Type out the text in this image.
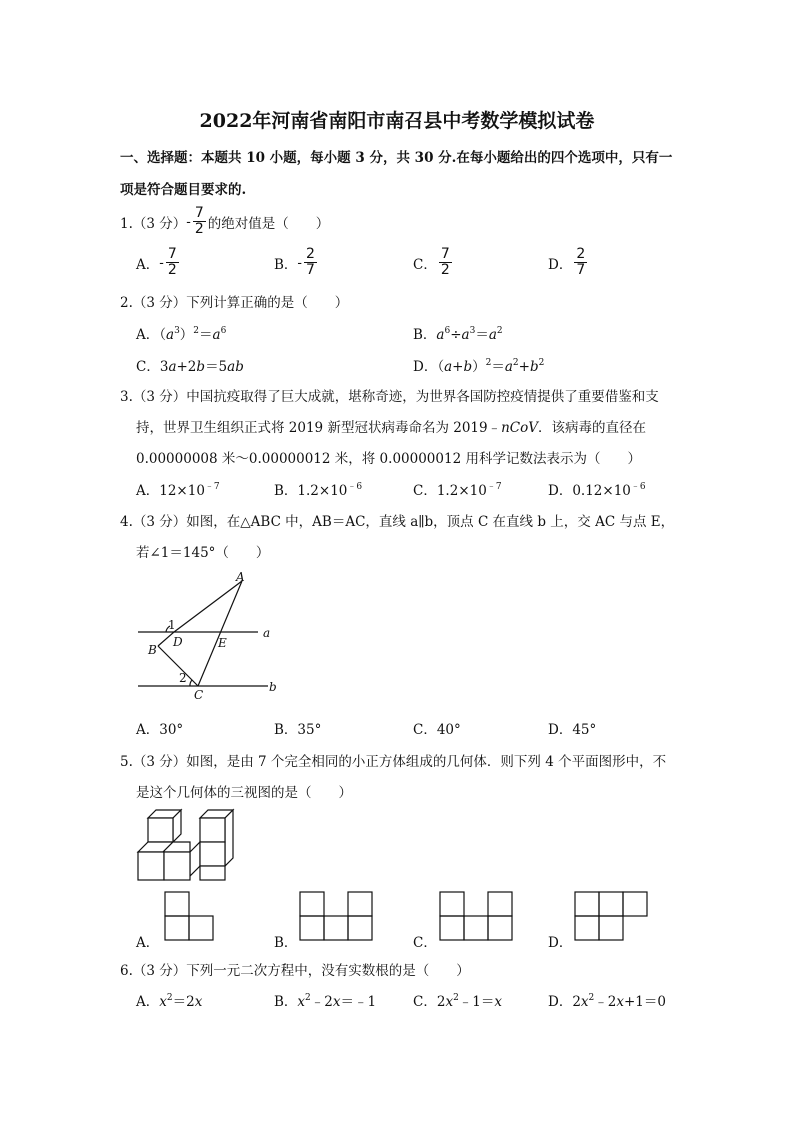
2022年河南省南阳市南召县中考数学模拟试卷
一、选择题：本题共 10 小题，每小题 3 分，共 30 分.在每小题给出的四个选项中，只有一
项是符合题目要求的.
1.（3 分） - $\frac{7}{2}$ 的绝对值是（　　）
A． - $\frac{7}{2}$	B． - $\frac{2}{7}$	C． $\frac{7}{2}$	D． $\frac{2}{7}$
2.（3 分）下列计算正确的是（　　）
A．$(a^3)^2=a^6$	B．$a^6\div a^3=a^2$
C．3a+2b＝5ab	D．$(a+b)^2=a^2+b^2$
3.（3 分）中国抗疫取得了巨大成就，堪称奇迹，为世界各国防控疫情提供了重要借鉴和支
持，世界卫生组织正式将 2019 新型冠状病毒命名为 2019﹣nCoV．该病毒的直径在
0.00000008 米～0.00000012 米，将 0.00000012 用科学记数法表示为（　　）
A．$12\times 10^{﹣7}$	B．$1.2\times 10^{﹣6}$	C．$1.2\times 10^{﹣7}$	D．$0.12\times 10^{﹣6}$
4.（3 分）如图，在△ABC 中，AB＝AC，直线 a∥b，顶点 C 在直线 b 上，交 AC 与点 E，
若∠1＝145°（　　）
A
1
D	E
a
B
2
C
b
A．30°	B．35°	C．40°	D．45°
5.（3 分）如图，是由 7 个完全相同的小正方体组成的几何体．则下列 4 个平面图形中，不
是这个几何体的三视图的是（　　）
A．	B．	C．	D．
6.（3 分）下列一元二次方程中，没有实数根的是（　　）
A．$x^2=2x$	B．$x^2﹣2x=﹣1$	C．$2x^2﹣1=x$	D．$2x^2﹣2x+1=0$
